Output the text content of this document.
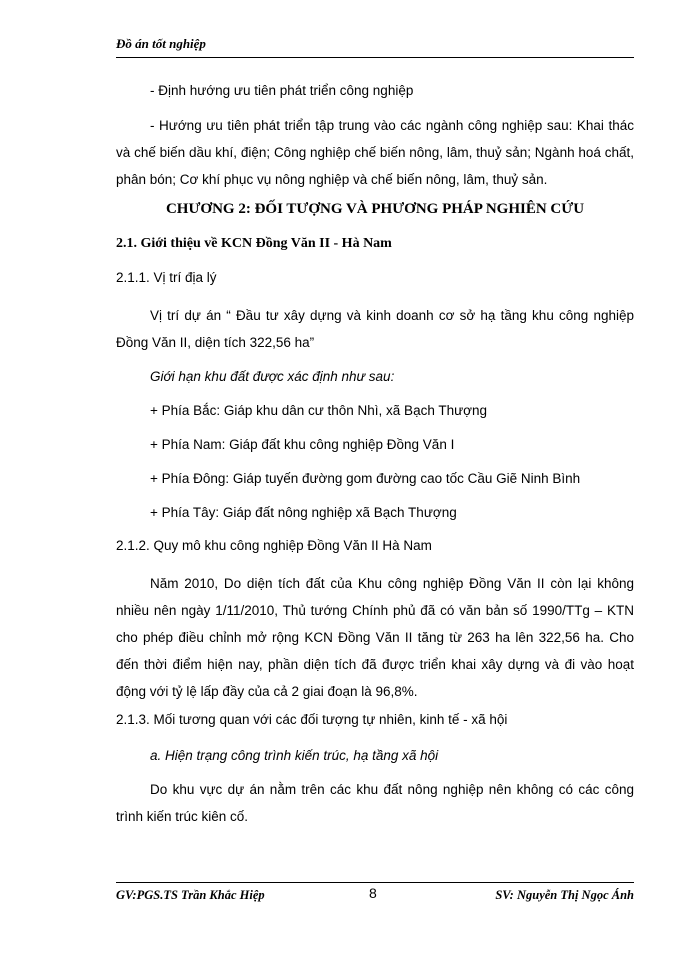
Đồ án tốt nghiệp
- Định hướng ưu tiên phát triển công nghiệp
- Hướng ưu tiên phát triển tập trung vào các ngành công nghiệp sau: Khai thác và chế biến dầu khí, điện; Công nghiệp chế biến nông, lâm, thuỷ sản; Ngành hoá chất, phân bón; Cơ khí phục vụ nông nghiệp và chế biến nông, lâm, thuỷ sản.
CHƯƠNG 2: ĐỐI TƯỢNG VÀ PHƯƠNG PHÁP NGHIÊN CỨU
2.1. Giới thiệu về KCN Đồng Văn II - Hà Nam
2.1.1. Vị trí địa lý
Vị trí dự án “ Đầu tư xây dựng và kinh doanh cơ sở hạ tầng khu công nghiệp Đồng Văn II, diện tích 322,56 ha”
Giới hạn khu đất được xác định như sau:
+ Phía Bắc: Giáp khu dân cư thôn Nhì, xã Bạch Thượng
+ Phía Nam: Giáp đất khu công nghiệp Đồng Văn I
+ Phía Đông: Giáp tuyến đường gom đường cao tốc Cầu Giẽ Ninh Bình
+ Phía Tây: Giáp đất nông nghiệp xã Bạch Thượng
2.1.2. Quy mô khu công nghiệp Đồng Văn II Hà Nam
Năm 2010, Do diện tích đất của Khu công nghiệp Đồng Văn II còn lại không nhiều nên ngày 1/11/2010, Thủ tướng Chính phủ đã có văn bản số 1990/TTg – KTN cho phép điều chỉnh mở rộng KCN Đồng Văn II tăng từ 263 ha lên 322,56 ha. Cho đến thời điểm hiện nay, phần diện tích đã được triển khai xây dựng và đi vào hoạt động với tỷ lệ lấp đầy của cả 2 giai đoạn là 96,8%.
2.1.3. Mối tương quan với các đối tượng tự nhiên, kinh tế - xã hội
a. Hiện trạng công trình kiến trúc, hạ tầng xã hội
Do khu vực dự án nằm trên các khu đất nông nghiệp nên không có các công trình kiến trúc kiên cố.
GV:PGS.TS Trần Khắc Hiệp	8	SV: Nguyễn Thị Ngọc Ánh
